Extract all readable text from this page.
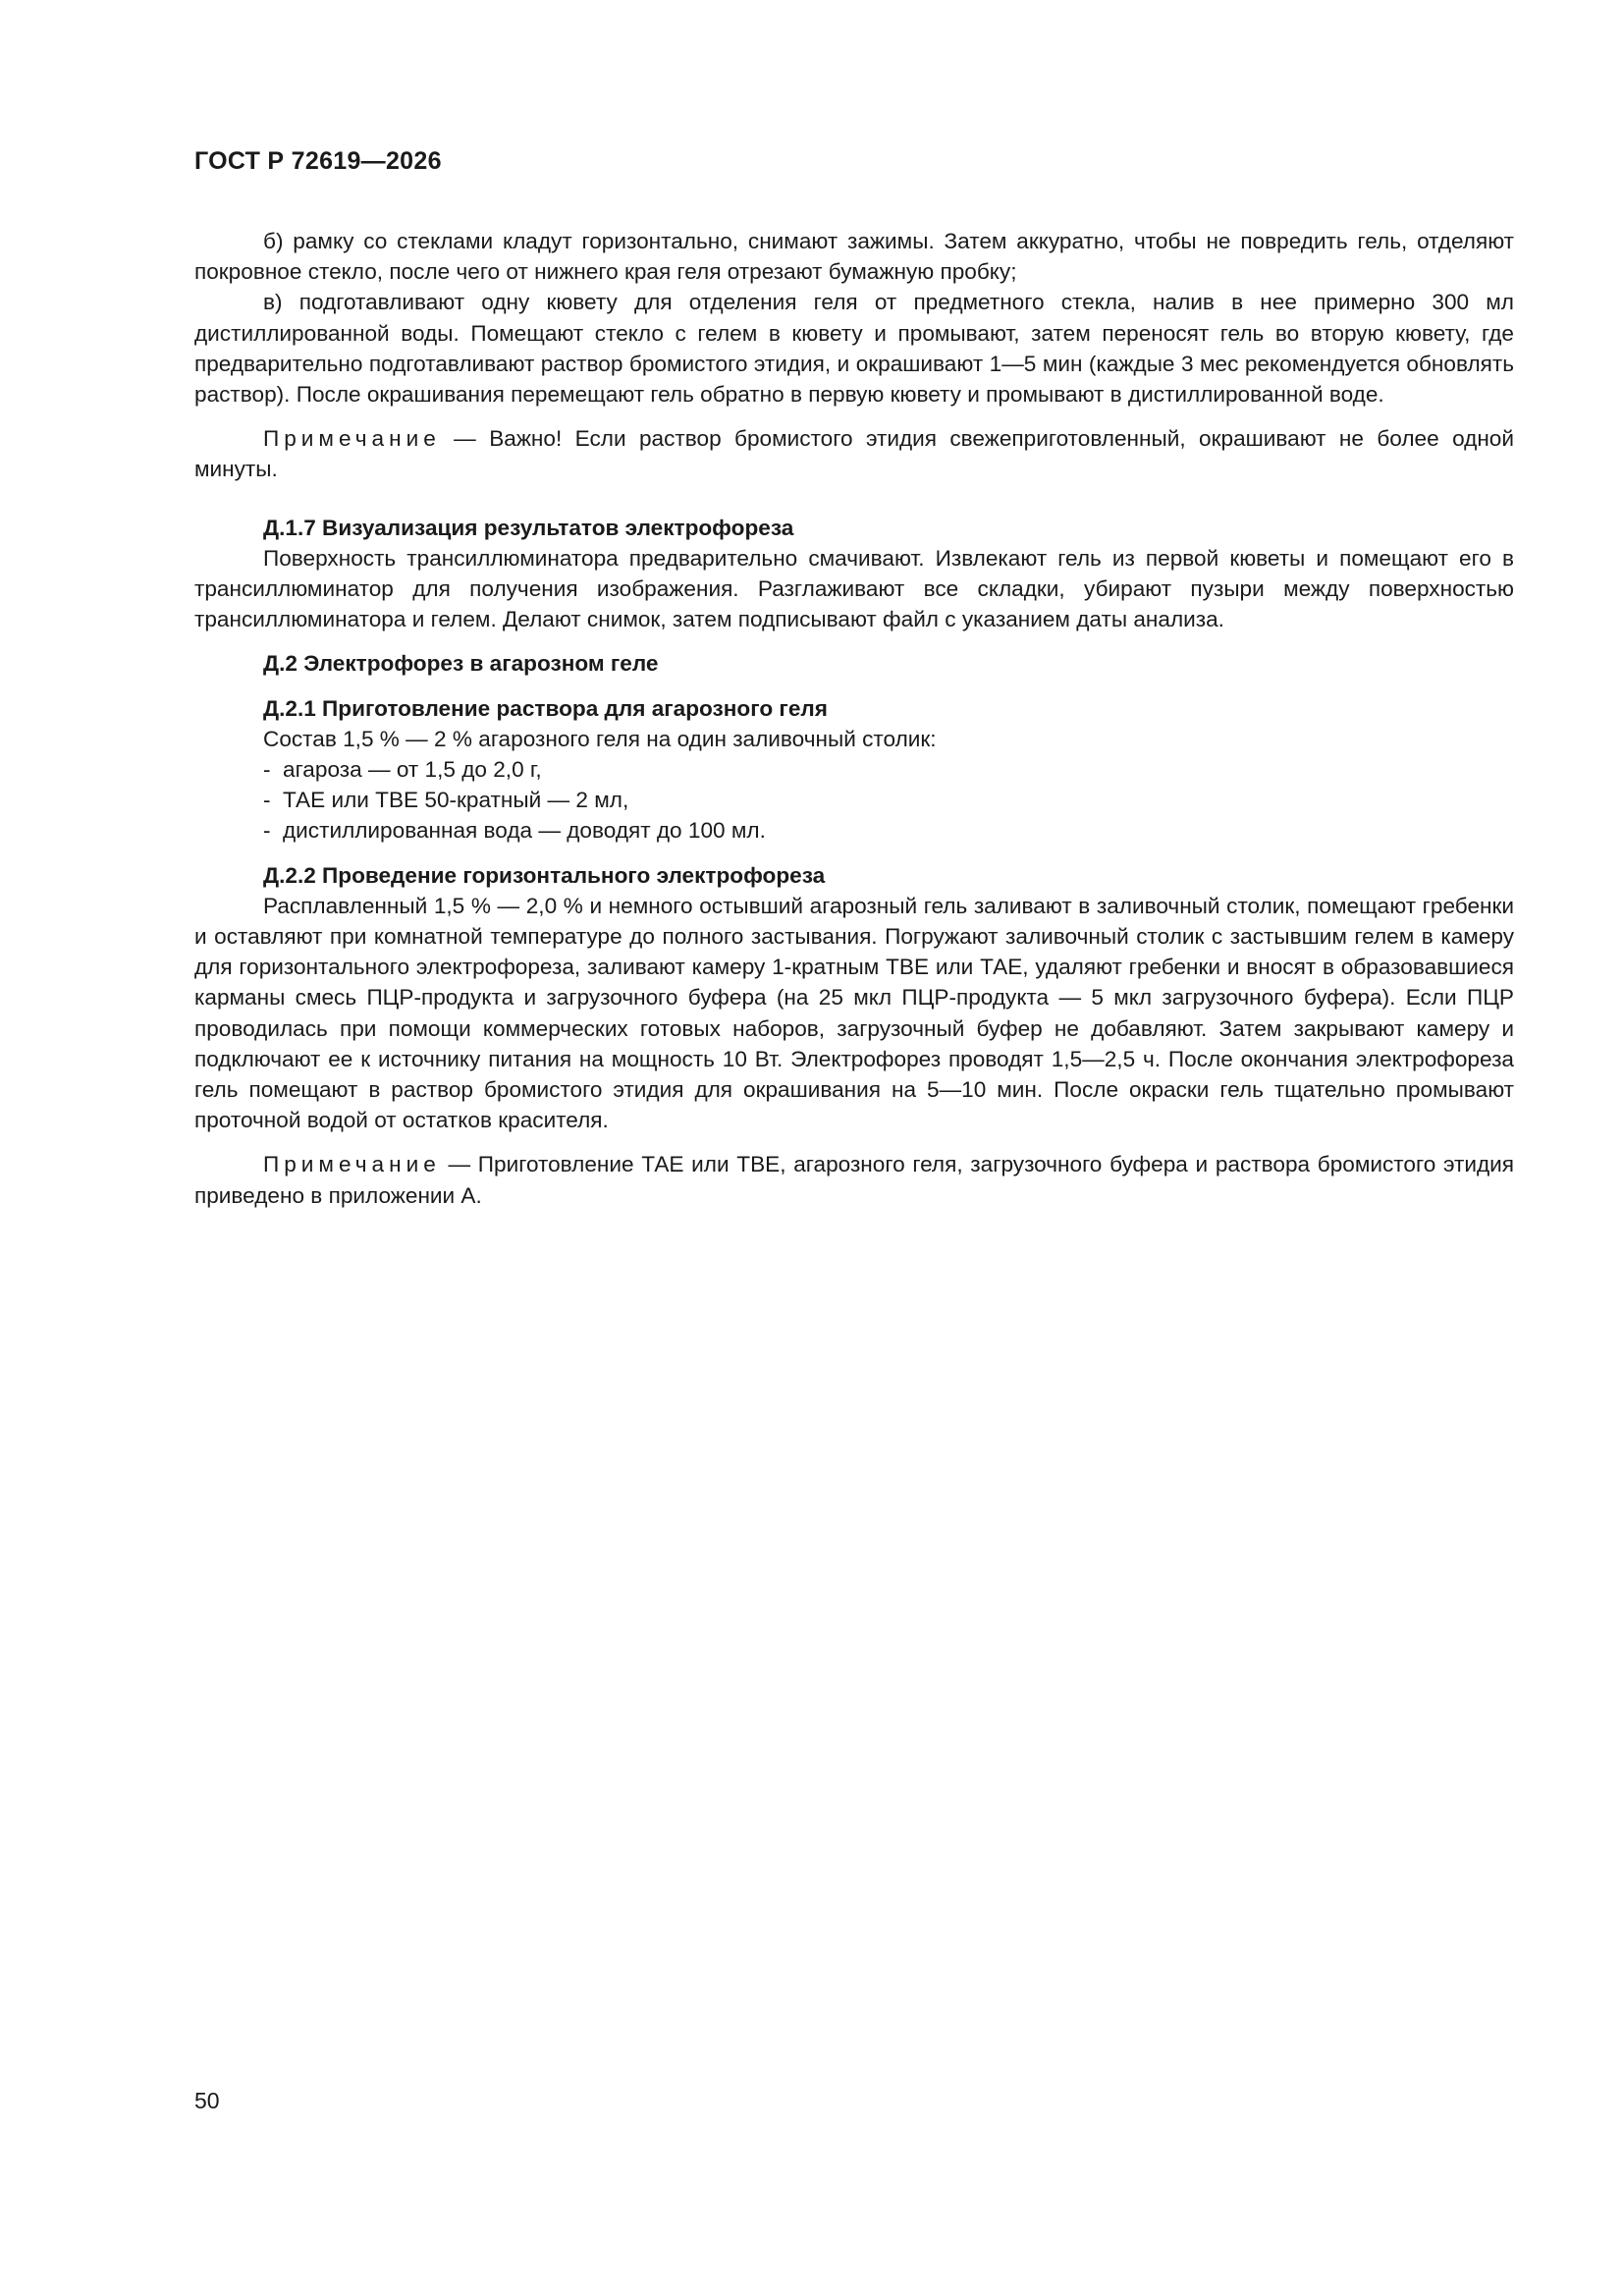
ГОСТ Р 72619—2026

б) рамку со стеклами кладут горизонтально, снимают зажимы. Затем аккуратно, чтобы не повредить гель, отделяют покровное стекло, после чего от нижнего края геля отрезают бумажную пробку;

в) подготавливают одну кювету для отделения геля от предметного стекла, налив в нее примерно 300 мл дистиллированной воды. Помещают стекло с гелем в кювету и промывают, затем переносят гель во вторую кювету, где предварительно подготавливают раствор бромистого этидия, и окрашивают 1—5 мин (каждые 3 мес рекомендуется обновлять раствор). После окрашивания перемещают гель обратно в первую кювету и промывают в дистиллированной воде.

Примечание — Важно! Если раствор бромистого этидия свежеприготовленный, окрашивают не более одной минуты.

Д.1.7 Визуализация результатов электрофореза

Поверхность трансиллюминатора предварительно смачивают. Извлекают гель из первой кюветы и помещают его в трансиллюминатор для получения изображения. Разглаживают все складки, убирают пузыри между поверхностью трансиллюминатора и гелем. Делают снимок, затем подписывают файл с указанием даты анализа.

Д.2 Электрофорез в агарозном геле

Д.2.1 Приготовление раствора для агарозного геля

Состав 1,5 % — 2 % агарозного геля на один заливочный столик:

- агароза — от 1,5 до 2,0 г,
- ТАЕ или ТВЕ 50-кратный — 2 мл,
- дистиллированная вода — доводят до 100 мл.

Д.2.2 Проведение горизонтального электрофореза

Расплавленный 1,5 % — 2,0 % и немного остывший агарозный гель заливают в заливочный столик, помещают гребенки и оставляют при комнатной температуре до полного застывания. Погружают заливочный столик с застывшим гелем в камеру для горизонтального электрофореза, заливают камеру 1-кратным ТВЕ или ТАЕ, удаляют гребенки и вносят в образовавшиеся карманы смесь ПЦР-продукта и загрузочного буфера (на 25 мкл ПЦР-продукта — 5 мкл загрузочного буфера). Если ПЦР проводилась при помощи коммерческих готовых наборов, загрузочный буфер не добавляют. Затем закрывают камеру и подключают ее к источнику питания на мощность 10 Вт. Электрофорез проводят 1,5—2,5 ч. После окончания электрофореза гель помещают в раствор бромистого этидия для окрашивания на 5—10 мин. После окраски гель тщательно промывают проточной водой от остатков красителя.

Примечание — Приготовление ТАЕ или ТВЕ, агарозного геля, загрузочного буфера и раствора бромистого этидия приведено в приложении А.

50
